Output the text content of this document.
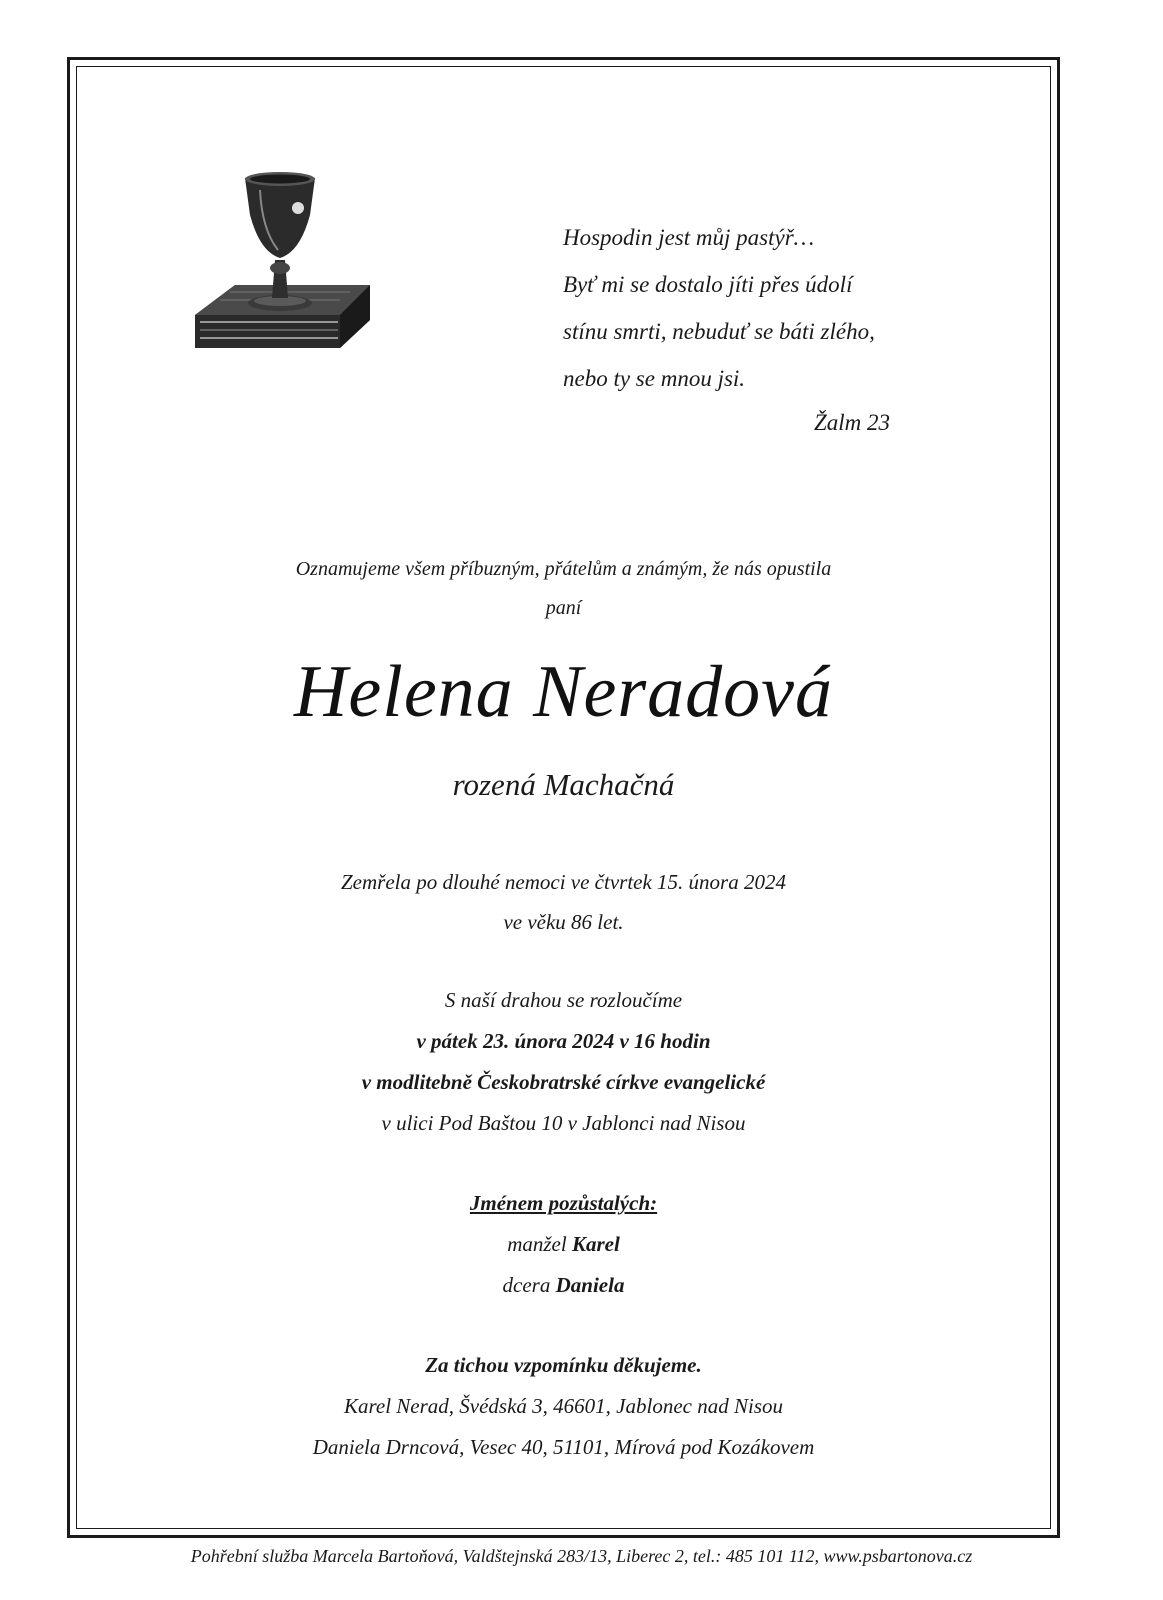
Hospodin jest můj pastýř…
Byť mi se dostalo jíti přes údolí
stínu smrti, nebuduť se báti zlého,
nebo ty se mnou jsi.
Žalm 23
Oznamujeme všem příbuzným, přátelům a známým, že nás opustila
paní
Helena Neradová
rozená Machačná
Zemřela po dlouhé nemoci ve čtvrtek 15. února 2024
ve věku 86 let.
S naší drahou se rozloučíme
v pátek 23. února 2024 v 16 hodin
v modlitebně Českobratrské církve evangelické
v ulici Pod Baštou 10 v Jablonci nad Nisou
Jménem pozůstalých:
manžel Karel
dcera Daniela
Za tichou vzpomínku děkujeme.
Karel Nerad, Švédská 3, 46601, Jablonec nad Nisou
Daniela Drncová, Vesec 40, 51101, Mírová pod Kozákovem
Pohřební služba Marcela Bartoňová, Valdštejnská 283/13, Liberec 2, tel.: 485 101 112, www.psbartonova.cz
